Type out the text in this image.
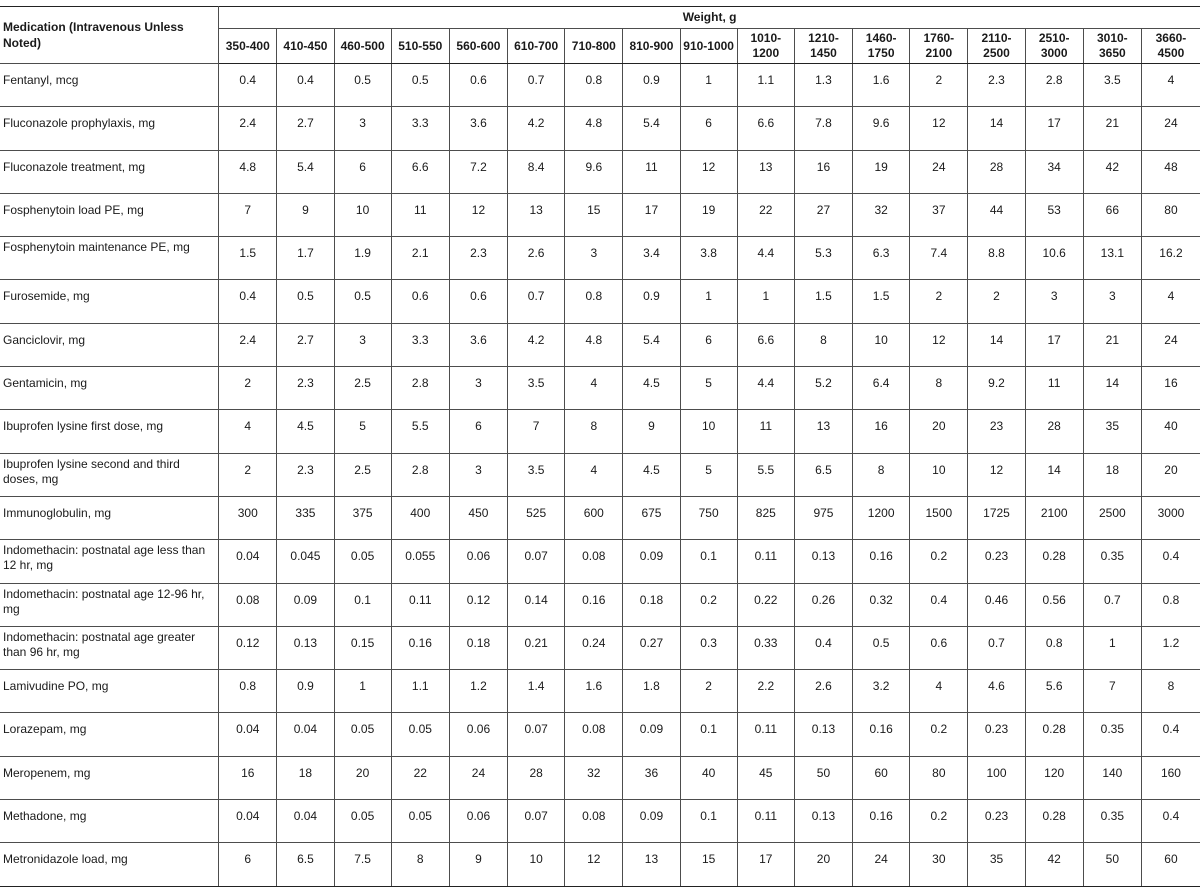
Medication (Intravenous Unless Noted)	Weight, g																
	350-400	410-450	460-500	510-550	560-600	610-700	710-800	810-900	910-1000	1010-1200	1210-1450	1460-1750	1760-2100	2110-2500	2510-3000	3010-3650	3660-4500
Fentanyl, mcg	0.4	0.4	0.5	0.5	0.6	0.7	0.8	0.9	1	1.1	1.3	1.6	2	2.3	2.8	3.5	4
Fluconazole prophylaxis, mg	2.4	2.7	3	3.3	3.6	4.2	4.8	5.4	6	6.6	7.8	9.6	12	14	17	21	24
Fluconazole treatment, mg	4.8	5.4	6	6.6	7.2	8.4	9.6	11	12	13	16	19	24	28	34	42	48
Fosphenytoin load PE, mg	7	9	10	11	12	13	15	17	19	22	27	32	37	44	53	66	80
Fosphenytoin maintenance PE, mg	1.5	1.7	1.9	2.1	2.3	2.6	3	3.4	3.8	4.4	5.3	6.3	7.4	8.8	10.6	13.1	16.2
Furosemide, mg	0.4	0.5	0.5	0.6	0.6	0.7	0.8	0.9	1	1	1.5	1.5	2	2	3	3	4
Ganciclovir, mg	2.4	2.7	3	3.3	3.6	4.2	4.8	5.4	6	6.6	8	10	12	14	17	21	24
Gentamicin, mg	2	2.3	2.5	2.8	3	3.5	4	4.5	5	4.4	5.2	6.4	8	9.2	11	14	16
Ibuprofen lysine first dose, mg	4	4.5	5	5.5	6	7	8	9	10	11	13	16	20	23	28	35	40
Ibuprofen lysine second and third doses, mg	2	2.3	2.5	2.8	3	3.5	4	4.5	5	5.5	6.5	8	10	12	14	18	20
Immunoglobulin, mg	300	335	375	400	450	525	600	675	750	825	975	1200	1500	1725	2100	2500	3000
Indomethacin: postnatal age less than 12 hr, mg	0.04	0.045	0.05	0.055	0.06	0.07	0.08	0.09	0.1	0.11	0.13	0.16	0.2	0.23	0.28	0.35	0.4
Indomethacin: postnatal age 12-96 hr, mg	0.08	0.09	0.1	0.11	0.12	0.14	0.16	0.18	0.2	0.22	0.26	0.32	0.4	0.46	0.56	0.7	0.8
Indomethacin: postnatal age greater than 96 hr, mg	0.12	0.13	0.15	0.16	0.18	0.21	0.24	0.27	0.3	0.33	0.4	0.5	0.6	0.7	0.8	1	1.2
Lamivudine PO, mg	0.8	0.9	1	1.1	1.2	1.4	1.6	1.8	2	2.2	2.6	3.2	4	4.6	5.6	7	8
Lorazepam, mg	0.04	0.04	0.05	0.05	0.06	0.07	0.08	0.09	0.1	0.11	0.13	0.16	0.2	0.23	0.28	0.35	0.4
Meropenem, mg	16	18	20	22	24	28	32	36	40	45	50	60	80	100	120	140	160
Methadone, mg	0.04	0.04	0.05	0.05	0.06	0.07	0.08	0.09	0.1	0.11	0.13	0.16	0.2	0.23	0.28	0.35	0.4
Metronidazole load, mg	6	6.5	7.5	8	9	10	12	13	15	17	20	24	30	35	42	50	60
